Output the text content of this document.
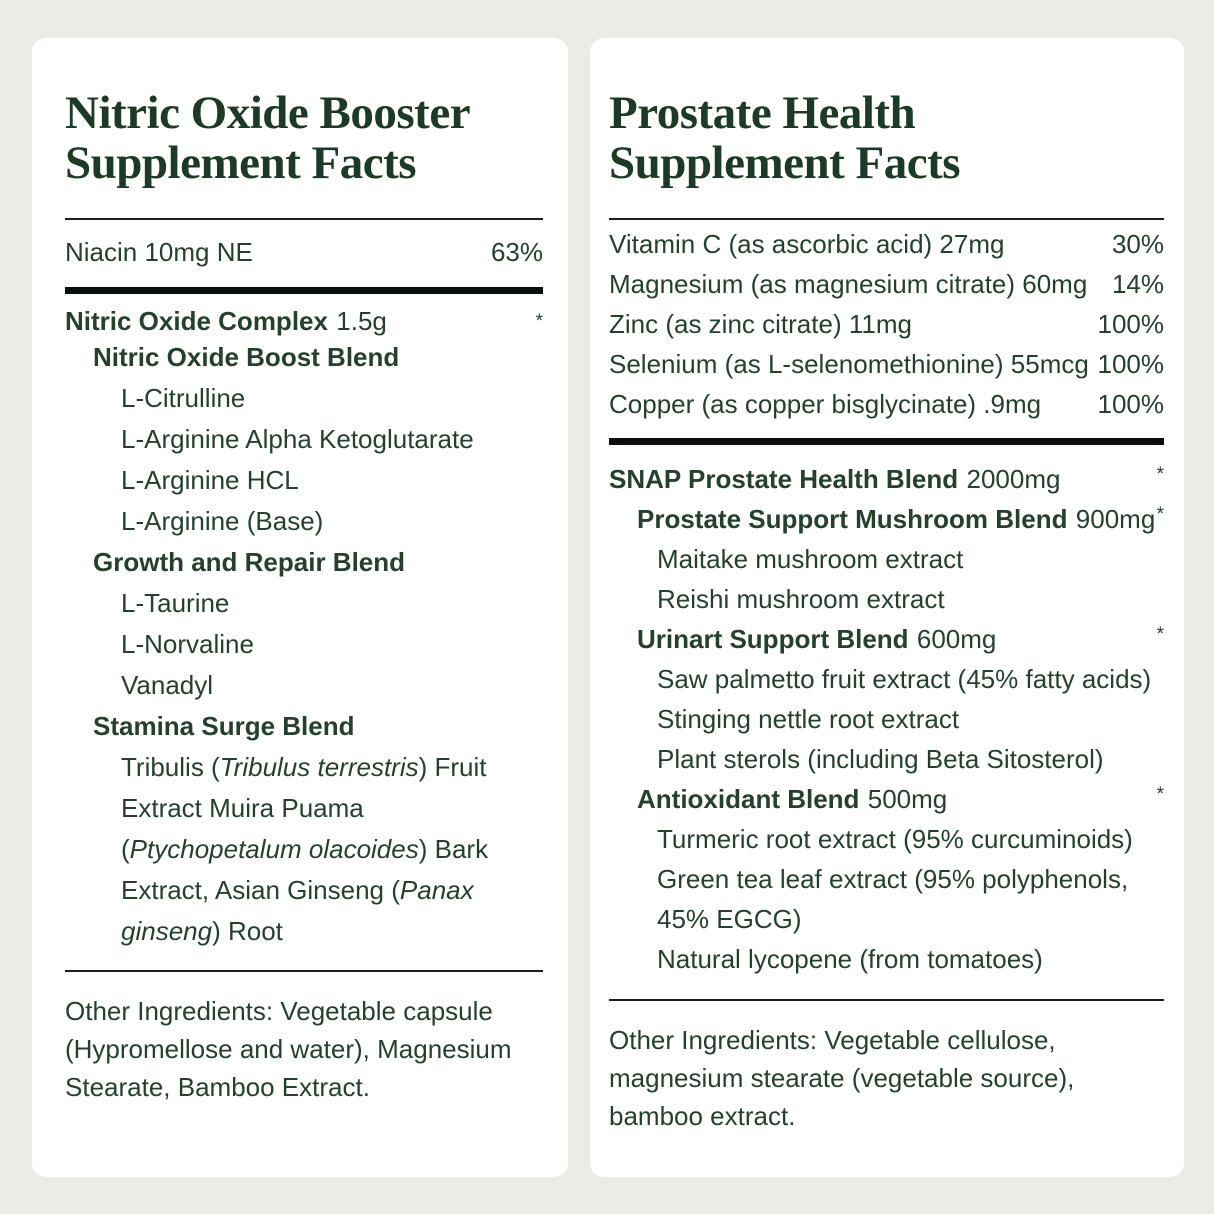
Nitric Oxide Booster
Supplement Facts
Niacin 10mg NE	63%
Nitric Oxide Complex 1.5g	*
Nitric Oxide Boost Blend
L-Citrulline
L-Arginine Alpha Ketoglutarate
L-Arginine HCL
L-Arginine (Base)
Growth and Repair Blend
L-Taurine
L-Norvaline
Vanadyl
Stamina Surge Blend

Tribulis (Tribulus terrestris) Fruit Extract Muira Puama (Ptychopetalum olacoides) Bark Extract, Asian Ginseng (Panax ginseng) Root

Other Ingredients: Vegetable capsule (Hypromellose and water), Magnesium Stearate, Bamboo Extract.

Prostate Health
Supplement Facts
Vitamin C (as ascorbic acid) 27mg	30%
Magnesium (as magnesium citrate) 60mg 14%
Zinc (as zinc citrate) 11mg	100%
Selenium (as L-selenomethionine) 55mcg 100%
Copper (as copper bisglycinate) .9mg 100%
SNAP Prostate Health Blend 2000mg	*
Prostate Support Mushroom Blend 900mg *
Maitake mushroom extract
Reishi mushroom extract
Urinart Support Blend 600mg	*
Saw palmetto fruit extract (45% fatty acids)
Stinging nettle root extract
Plant sterols (including Beta Sitosterol)
Antioxidant Blend 500mg	*
Turmeric root extract (95% curcuminoids)
Green tea leaf extract (95% polyphenols, 45% EGCG)
Natural lycopene (from tomatoes)

Other Ingredients: Vegetable cellulose, magnesium stearate (vegetable source), bamboo extract.
